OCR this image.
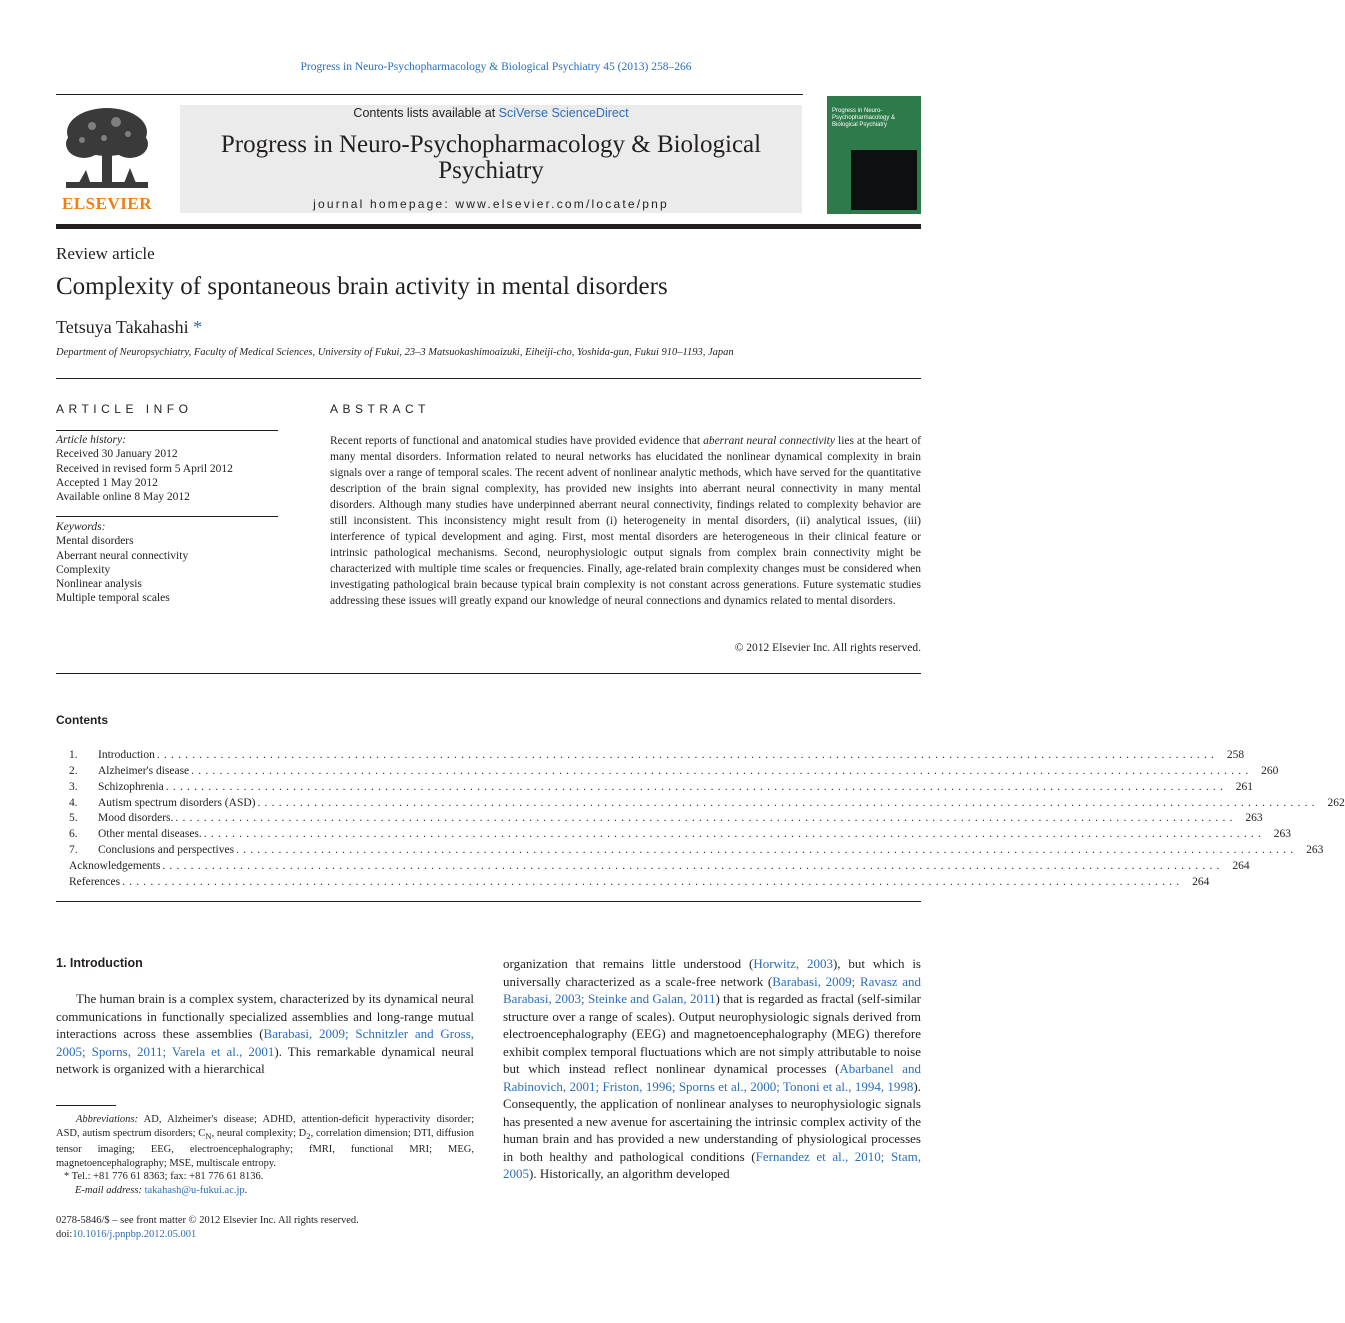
Progress in Neuro-Psychopharmacology & Biological Psychiatry 45 (2013) 258–266
ELSEVIER
Contents lists available at SciVerse ScienceDirect
Progress in Neuro-Psychopharmacology & Biological Psychiatry
journal homepage: www.elsevier.com/locate/pnp
Progress in Neuro-Psychopharmacology & Biological Psychiatry
Review article
Complexity of spontaneous brain activity in mental disorders
Tetsuya Takahashi *
Department of Neuropsychiatry, Faculty of Medical Sciences, University of Fukui, 23–3 Matsuokashimoaizuki, Eiheiji-cho, Yoshida-gun, Fukui 910–1193, Japan
ARTICLE INFO	ABSTRACT
Article history:
Received 30 January 2012
Received in revised form 5 April 2012
Accepted 1 May 2012
Available online 8 May 2012
Keywords:
Mental disorders
Aberrant neural connectivity
Complexity
Nonlinear analysis
Multiple temporal scales
Recent reports of functional and anatomical studies have provided evidence that aberrant neural connectivity lies at the heart of many mental disorders. Information related to neural networks has elucidated the nonlinear dynamical complexity in brain signals over a range of temporal scales. The recent advent of nonlinear analytic methods, which have served for the quantitative description of the brain signal complexity, has provided new insights into aberrant neural connectivity in many mental disorders. Although many studies have underpinned aberrant neural connectivity, findings related to complexity behavior are still inconsistent. This inconsistency might result from (i) heterogeneity in mental disorders, (ii) analytical issues, (iii) interference of typical development and aging. First, most mental disorders are heterogeneous in their clinical feature or intrinsic pathological mechanisms. Second, neurophysiologic output signals from complex brain connectivity might be characterized with multiple time scales or frequencies. Finally, age-related brain complexity changes must be considered when investigating pathological brain because typical brain complexity is not constant across generations. Future systematic studies addressing these issues will greatly expand our knowledge of neural connections and dynamics related to mental disorders.
© 2012 Elsevier Inc. All rights reserved.
Contents
1.	Introduction ...................................................................................................................................................... 258
2.	Alzheimer's disease ...................................................................................................................................................... 260
3.	Schizophrenia ...................................................................................................................................................... 261
4.	Autism spectrum disorders (ASD) ...................................................................................................................................................... 262
5.	Mood disorders. ...................................................................................................................................................... 263
6.	Other mental diseases. ...................................................................................................................................................... 263
7.	Conclusions and perspectives ...................................................................................................................................................... 263
Acknowledgements ...................................................................................................................................................... 264
References ...................................................................................................................................................... 264
1. Introduction
The human brain is a complex system, characterized by its dynamical neural communications in functionally specialized assemblies and long-range mutual interactions across these assemblies (Barabasi, 2009; Schnitzler and Gross, 2005; Sporns, 2011; Varela et al., 2001). This remarkable dynamical neural network is organized with a hierarchical
organization that remains little understood (Horwitz, 2003), but which is universally characterized as a scale-free network (Barabasi, 2009; Ravasz and Barabasi, 2003; Steinke and Galan, 2011) that is regarded as fractal (self-similar structure over a range of scales). Output neurophysiologic signals derived from electroencephalography (EEG) and magnetoencephalography (MEG) therefore exhibit complex temporal fluctuations which are not simply attributable to noise but which instead reflect nonlinear dynamical processes (Abarbanel and Rabinovich, 2001; Friston, 1996; Sporns et al., 2000; Tononi et al., 1994, 1998). Consequently, the application of nonlinear analyses to neurophysiologic signals has presented a new avenue for ascertaining the intrinsic complex activity of the human brain and has provided a new understanding of physiological processes in both healthy and pathological conditions (Fernandez et al., 2010; Stam, 2005). Historically, an algorithm developed
Abbreviations: AD, Alzheimer's disease; ADHD, attention-deficit hyperactivity disorder; ASD, autism spectrum disorders; $C_N$, neural complexity; $D_2$, correlation dimension; DTI, diffusion tensor imaging; EEG, electroencephalography; fMRI, functional MRI; MEG, magnetoencephalography; MSE, multiscale entropy.
* Tel.: +81 776 61 8363; fax: +81 776 61 8136.
E-mail address: takahash@u-fukui.ac.jp.
0278-5846/$ – see front matter © 2012 Elsevier Inc. All rights reserved.
doi:10.1016/j.pnpbp.2012.05.001
